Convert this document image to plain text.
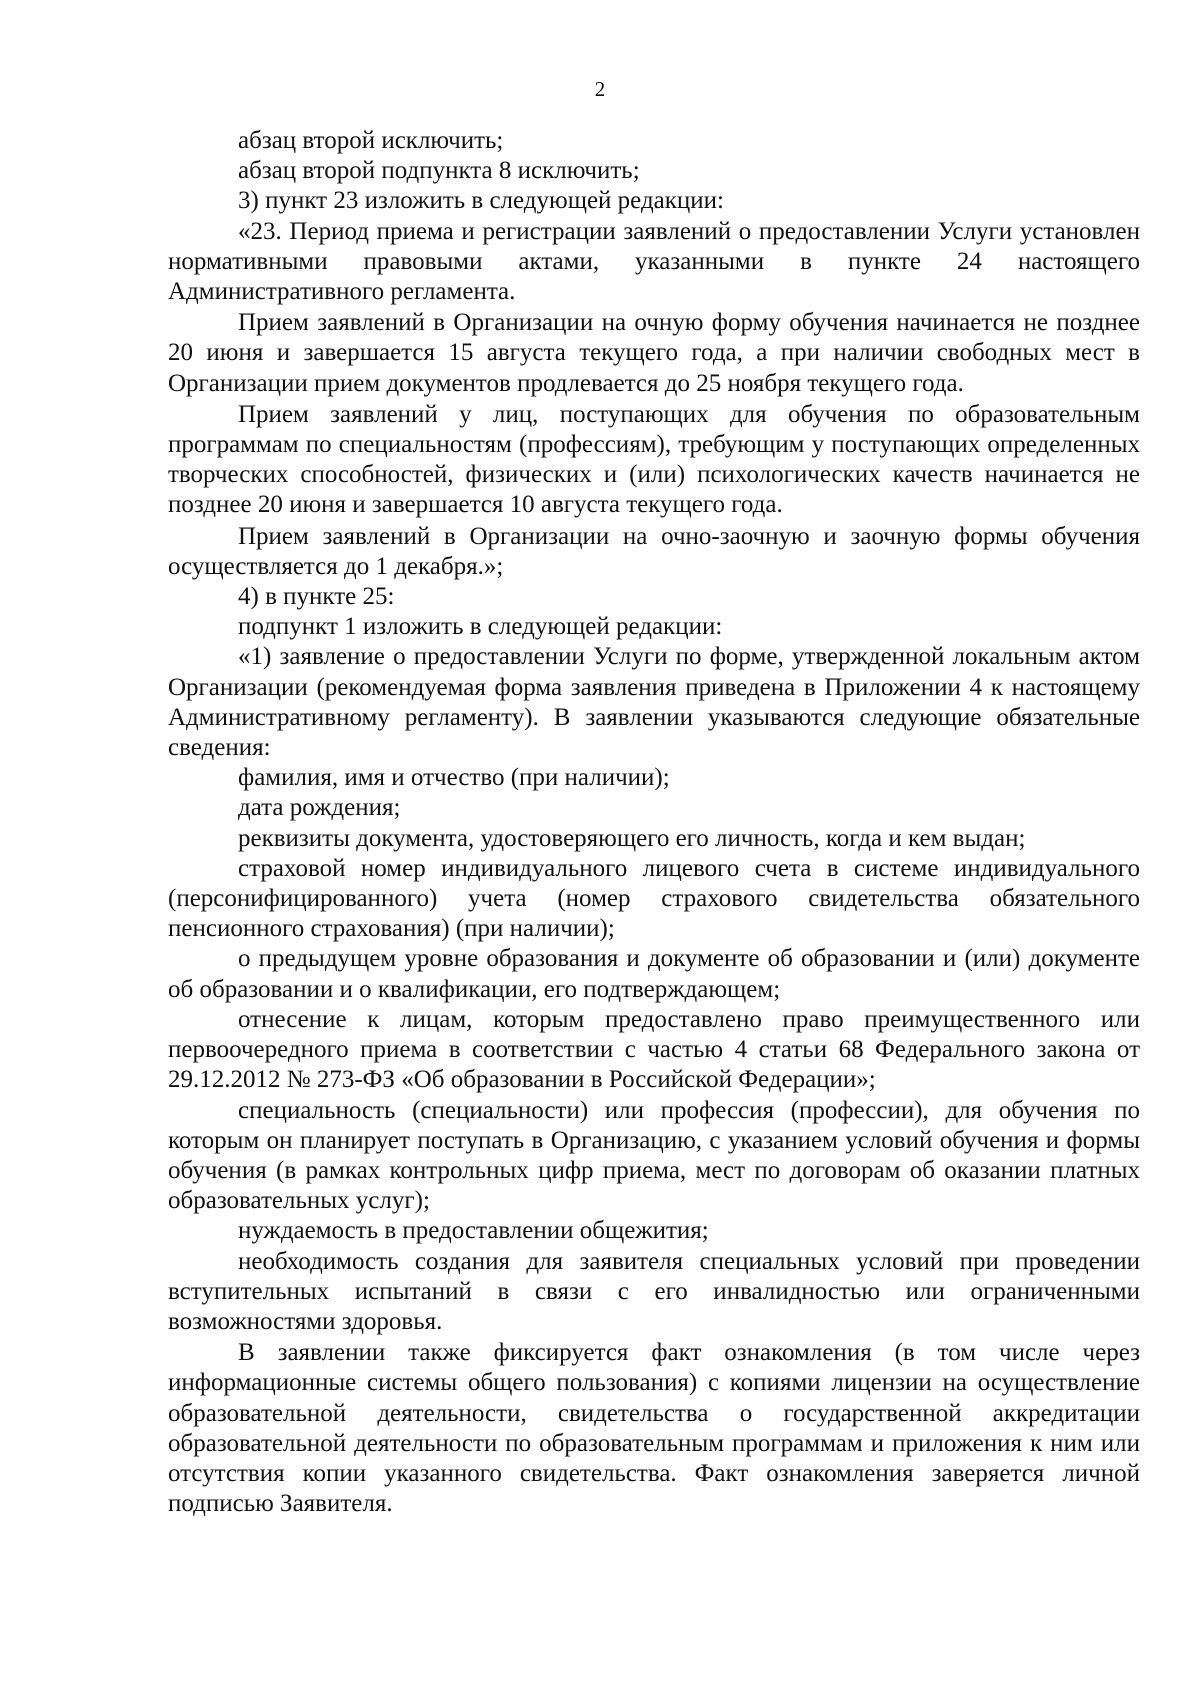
2

абзац второй исключить;

абзац второй подпункта 8 исключить;

3) пункт 23 изложить в следующей редакции:

«23. Период приема и регистрации заявлений о предоставлении Услуги установлен нормативными правовыми актами, указанными в пункте 24 настоящего Административного регламента.

Прием заявлений в Организации на очную форму обучения начинается не позднее 20 июня и завершается 15 августа текущего года, а при наличии свободных мест в Организации прием документов продлевается до 25 ноября текущего года.

Прием заявлений у лиц, поступающих для обучения по образовательным программам по специальностям (профессиям), требующим у поступающих определенных творческих способностей, физических и (или) психологических качеств начинается не позднее 20 июня и завершается 10 августа текущего года.

Прием заявлений в Организации на очно-заочную и заочную формы обучения осуществляется до 1 декабря.»;

4) в пункте 25:

подпункт 1 изложить в следующей редакции:

«1) заявление о предоставлении Услуги по форме, утвержденной локальным актом Организации (рекомендуемая форма заявления приведена в Приложении 4 к настоящему Административному регламенту). В заявлении указываются следующие обязательные сведения:

фамилия, имя и отчество (при наличии);

дата рождения;

реквизиты документа, удостоверяющего его личность, когда и кем выдан;

страховой номер индивидуального лицевого счета в системе индивидуального (персонифицированного) учета (номер страхового свидетельства обязательного пенсионного страхования) (при наличии);

о предыдущем уровне образования и документе об образовании и (или) документе об образовании и о квалификации, его подтверждающем;

отнесение к лицам, которым предоставлено право преимущественного или первоочередного приема в соответствии с частью 4 статьи 68 Федерального закона от 29.12.2012 № 273-ФЗ «Об образовании в Российской Федерации»;

специальность (специальности) или профессия (профессии), для обучения по которым он планирует поступать в Организацию, с указанием условий обучения и формы обучения (в рамках контрольных цифр приема, мест по договорам об оказании платных образовательных услуг);

нуждаемость в предоставлении общежития;

необходимость создания для заявителя специальных условий при проведении вступительных испытаний в связи с его инвалидностью или ограниченными возможностями здоровья.

В заявлении также фиксируется факт ознакомления (в том числе через информационные системы общего пользования) с копиями лицензии на осуществление образовательной деятельности, свидетельства о государственной аккредитации образовательной деятельности по образовательным программам и приложения к ним или отсутствия копии указанного свидетельства. Факт ознакомления заверяется личной подписью Заявителя.
